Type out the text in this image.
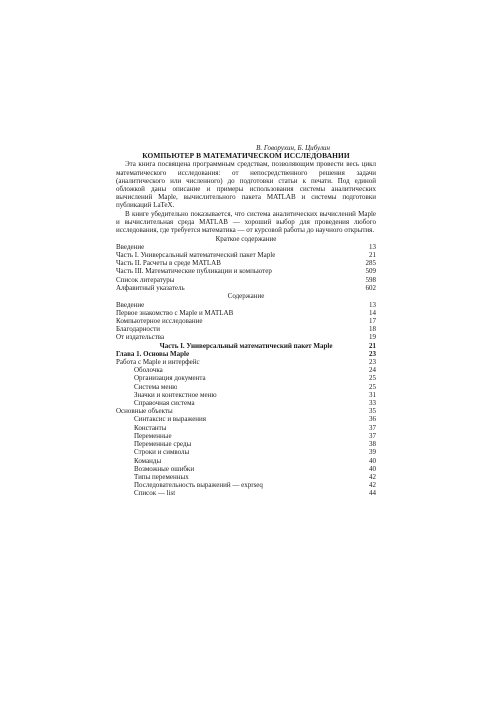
В. Говорухин, Б. Цибулин
КОМПЬЮТЕР В МАТЕМАТИЧЕСКОМ ИССЛЕДОВАНИИ

Эта книга посвящена программным средствам, позволяющим провести весь цикл математического исследования: от непосредственного решения задачи (аналитического или численного) до подготовки статьи к печати. Под единой обложкой даны описание и примеры использования системы аналитических вычислений Maple, вычислительного пакета MATLAB и системы подготовки публикаций LaTeX.

В книге убедительно показывается, что система аналитических вычислений Maple и вычислительная среда MATLAB — хороший выбор для проведения любого исследования, где требуется математика — от курсовой работы до научного открытия.

Краткое содержание
Введение	13
Часть I. Универсальный математический пакет Maple	21
Часть II. Расчеты в среде MATLAB	285
Часть III. Математические публикации и компьютер	509
Список литературы	598
Алфавитный указатель	602
Содержание
Введение	13
Первое знакомство с Maple и MATLAB	14
Компьютерное исследование	17
Благодарности	18
От издательства	19
Часть I. Универсальный математический пакет Maple	21
Глава 1. Основы Maple	23
Работа с Maple и интерфейс	23
Оболочка	24
Организация документа	25
Система меню	25
Значки и контекстное меню	31
Справочная система	33
Основные объекты	35
Синтаксис и выражения	36
Константы	37
Переменные	37
Переменные среды	38
Строки и символы	39
Команды	40
Возможные ошибки	40
Типы переменных	42
Последовательность выражений — exprseq	42
Список — list	44
